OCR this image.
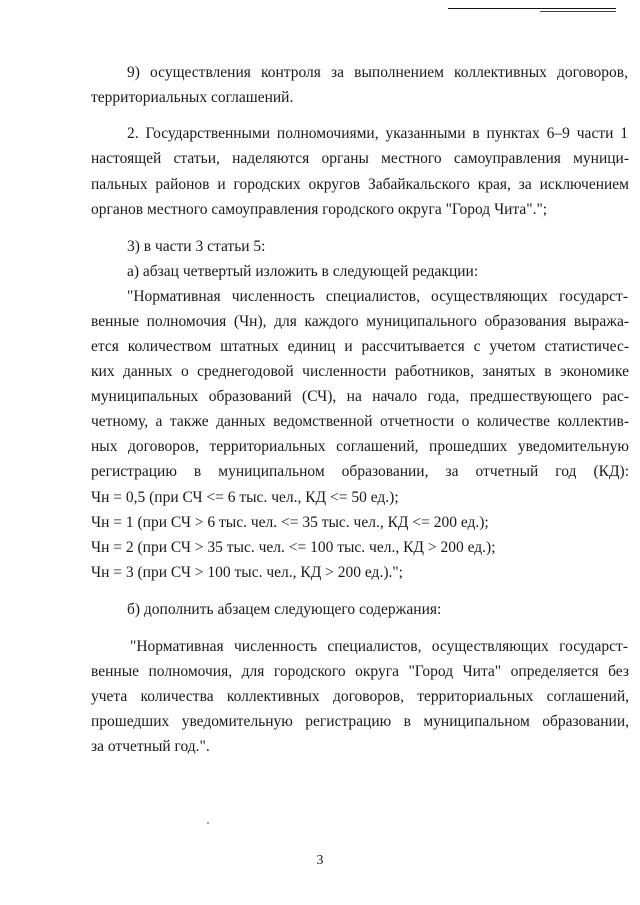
9) осуществления контроля за выполнением коллективных договоров,
территориальных соглашений.
2. Государственными полномочиями, указанными в пунктах 6–9 части 1
настоящей статьи, наделяются органы местного самоуправления муници-
пальных районов и городских округов Забайкальского края, за исключением
органов местного самоуправления городского округа "Город Чита".";
3) в части 3 статьи 5:
а) абзац четвертый изложить в следующей редакции:
"Нормативная численность специалистов, осуществляющих государст-
венные полномочия (Чн), для каждого муниципального образования выража-
ется количеством штатных единиц и рассчитывается с учетом статистичес-
ких данных о среднегодовой численности работников, занятых в экономике
муниципальных образований (СЧ), на начало года, предшествующего рас-
четному, а также данных ведомственной отчетности о количестве коллектив-
ных договоров, территориальных соглашений, прошедших уведомительную
регистрацию в муниципальном образовании, за отчетный год (КД):
Чн = 0,5 (при СЧ <= 6 тыс. чел., КД <= 50 ед.);
Чн = 1 (при СЧ > 6 тыс. чел. <= 35 тыс. чел., КД <= 200 ед.);
Чн = 2 (при СЧ > 35 тыс. чел. <= 100 тыс. чел., КД > 200 ед.);
Чн = 3 (при СЧ > 100 тыс. чел., КД > 200 ед.).";
б) дополнить абзацем следующего содержания:
"Нормативная численность специалистов, осуществляющих государст-
венные полномочия, для городского округа "Город Чита" определяется без
учета количества коллективных договоров, территориальных соглашений,
прошедших уведомительную регистрацию в муниципальном образовании,
за отчетный год.".
3
